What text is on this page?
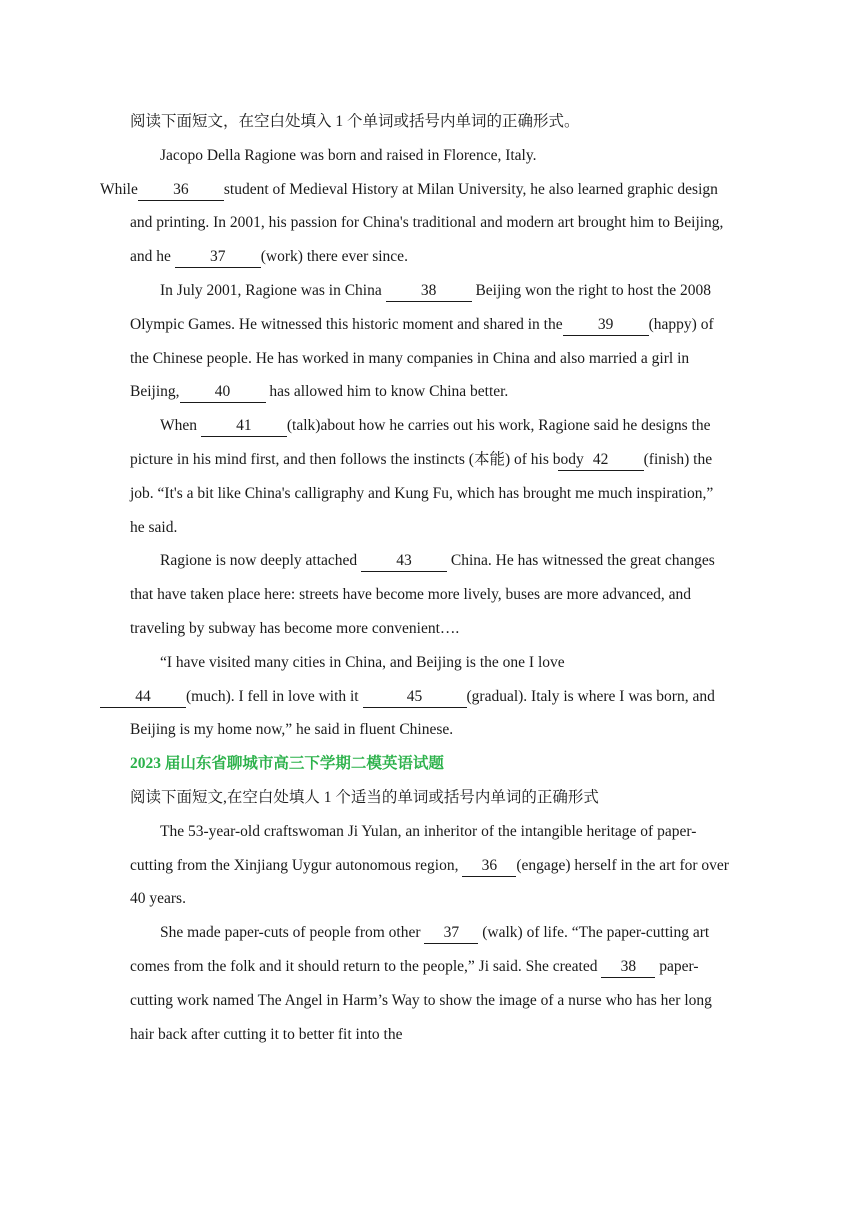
阅读下面短文，在空白处填入 1 个单词或括号内单词的正确形式。

Jacopo Della Ragione was born and raised in Florence, Italy.
While 36 student of Medieval History at Milan University, he also learned graphic design and printing. In 2001, his passion for China's traditional and modern art brought him to Beijing, and he 37 (work) there ever since.

In July 2001, Ragione was in China 38 Beijing won the right to host the 2008 Olympic Games. He witnessed this historic moment and shared in the 39 (happy) of the Chinese people. He has worked in many companies in China and also married a girl in Beijing, 40 has allowed him to know China better.

When 41 (talk)about how he carries out his work, Ragione said he designs the picture in his mind first, and then follows the instincts (本能) of his body 42 (finish) the job. “It's a bit like China's calligraphy and Kung Fu, which has brought me much inspiration,” he said.

Ragione is now deeply attached 43 China. He has witnessed the great changes that have taken place here: streets have become more lively, buses are more advanced, and traveling by subway has become more convenient….

“I have visited many cities in China, and Beijing is the one I love
44 (much). I fell in love with it	45	(gradual). Italy is where I was born, and Beijing is my home now,” he said in fluent Chinese.

2023 届山东省聊城市高三下学期二模英语试题

阅读下面短文,在空白处填人 1 个适当的单词或括号内单词的正确形式

The 53-year-old craftswoman Ji Yulan, an inheritor of the intangible heritage of paper-cutting from the Xinjiang Uygur autonomous region, 36 (engage) herself in the art for over 40 years.

She made paper-cuts of people from other 37 (walk) of life. “The paper-cutting art comes from the folk and it should return to the people,” Ji said. She created 38 paper-cutting work named The Angel in Harm’s Way to show the image of a nurse who has her long hair back after cutting it to better fit into the
